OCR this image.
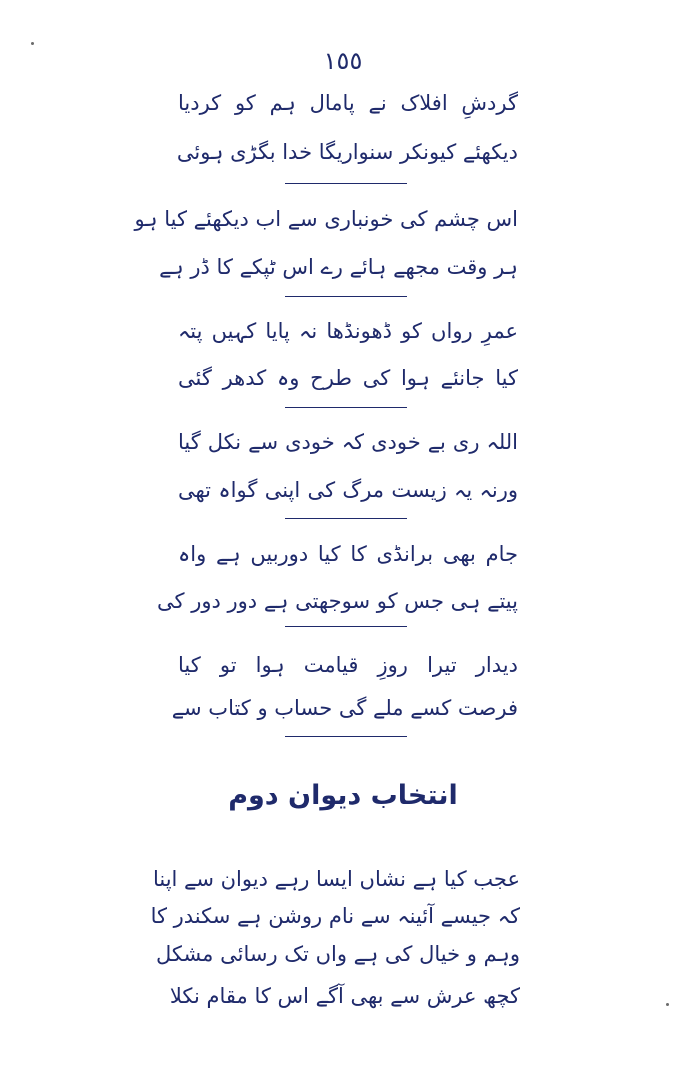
١٥٥
گردشِ افلاک نے پامال ہم کو کردیا
دیکھئے کیونکر سنواریگا خدا بگڑی ہوئی
اس چشم کی خونباری سے اب دیکھئے کیا ہو
ہر وقت مجھے ہائے رے اس ٹپکے کا ڈر ہے
عمرِ رواں کو ڈھونڈھا نہ پایا کہیں پتہ
کیا جانئے ہوا کی طرح وہ کدھر گئی
اللہ ری بے خودی کہ خودی سے نکل گیا
ورنہ یہ زیست مرگ کی اپنی گواہ تھی
جام بھی برانڈی کا کیا دوربیں ہے واہ
پیتے ہی جس کو سوجھتی ہے دور دور کی
دیدار تیرا روزِ قیامت ہوا تو کیا
فرصت کسے ملے گی حساب و کتاب سے
انتخاب دیوان دوم
عجب کیا ہے نشاں ایسا رہے دیوان سے اپنا
کہ جیسے آئینہ سے نام روشن ہے سکندر کا
وہم و خیال کی ہے واں تک رسائی مشکل
کچھ عرش سے بھی آگے اس کا مقام نکلا
